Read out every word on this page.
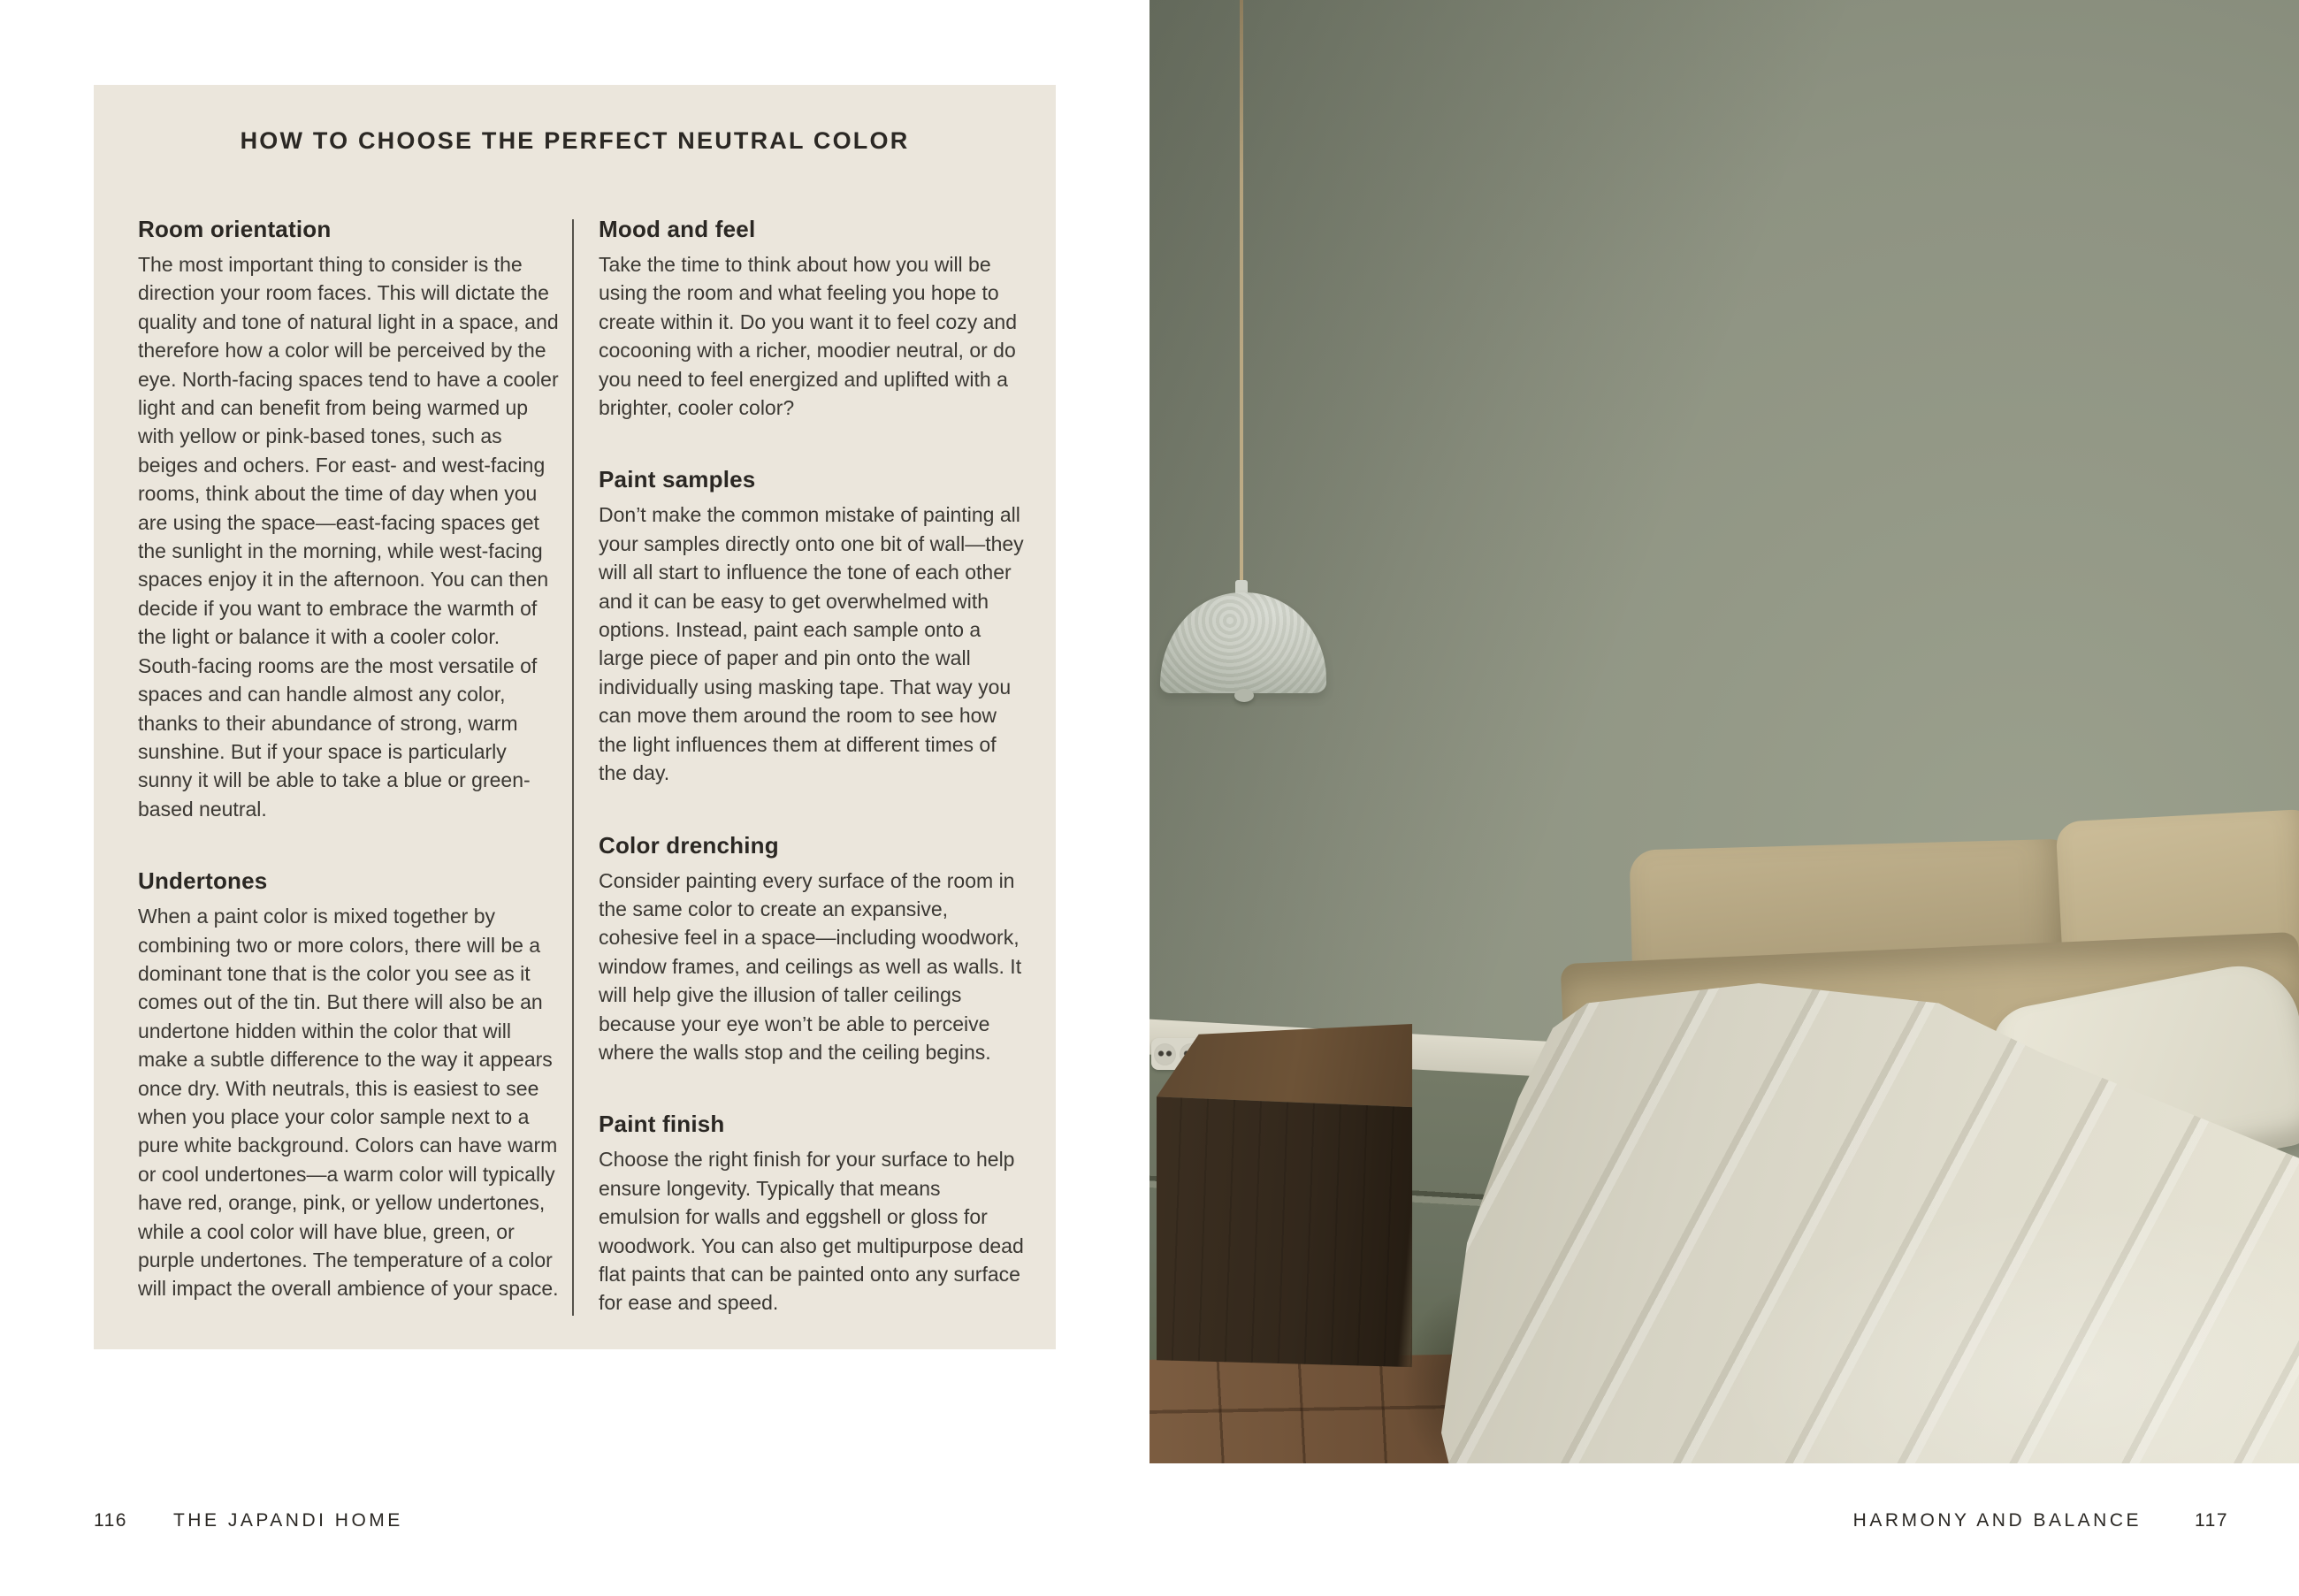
HOW TO CHOOSE THE PERFECT NEUTRAL COLOR
Room orientation

The most important thing to consider is the direction your room faces. This will dictate the quality and tone of natural light in a space, and therefore how a color will be perceived by the eye. North-facing spaces tend to have a cooler light and can benefit from being warmed up with yellow or pink-based tones, such as beiges and ochers. For east- and west-facing rooms, think about the time of day when you are using the space—east-facing spaces get the sunlight in the morning, while west-facing spaces enjoy it in the afternoon. You can then decide if you want to embrace the warmth of the light or balance it with a cooler color. South-facing rooms are the most versatile of spaces and can handle almost any color, thanks to their abundance of strong, warm sunshine. But if your space is particularly sunny it will be able to take a blue or green-based neutral.

Undertones

When a paint color is mixed together by combining two or more colors, there will be a dominant tone that is the color you see as it comes out of the tin. But there will also be an undertone hidden within the color that will make a subtle difference to the way it appears once dry. With neutrals, this is easiest to see when you place your color sample next to a pure white background. Colors can have warm or cool undertones—a warm color will typically have red, orange, pink, or yellow undertones, while a cool color will have blue, green, or purple undertones. The temperature of a color will impact the overall ambience of your space.

Mood and feel

Take the time to think about how you will be using the room and what feeling you hope to create within it. Do you want it to feel cozy and cocooning with a richer, moodier neutral, or do you need to feel energized and uplifted with a brighter, cooler color?

Paint samples

Don’t make the common mistake of painting all your samples directly onto one bit of wall—they will all start to influence the tone of each other and it can be easy to get overwhelmed with options. Instead, paint each sample onto a large piece of paper and pin onto the wall individually using masking tape. That way you can move them around the room to see how the light influences them at different times of the day.

Color drenching

Consider painting every surface of the room in the same color to create an expansive, cohesive feel in a space—including woodwork, window frames, and ceilings as well as walls. It will help give the illusion of taller ceilings because your eye won’t be able to perceive where the walls stop and the ceiling begins.

Paint finish

Choose the right finish for your surface to help ensure longevity. Typically that means emulsion for walls and eggshell or gloss for woodwork. You can also get multipurpose dead flat paints that can be painted onto any surface for ease and speed.

116 THE JAPANDI HOME	HARMONY AND BALANCE	117
